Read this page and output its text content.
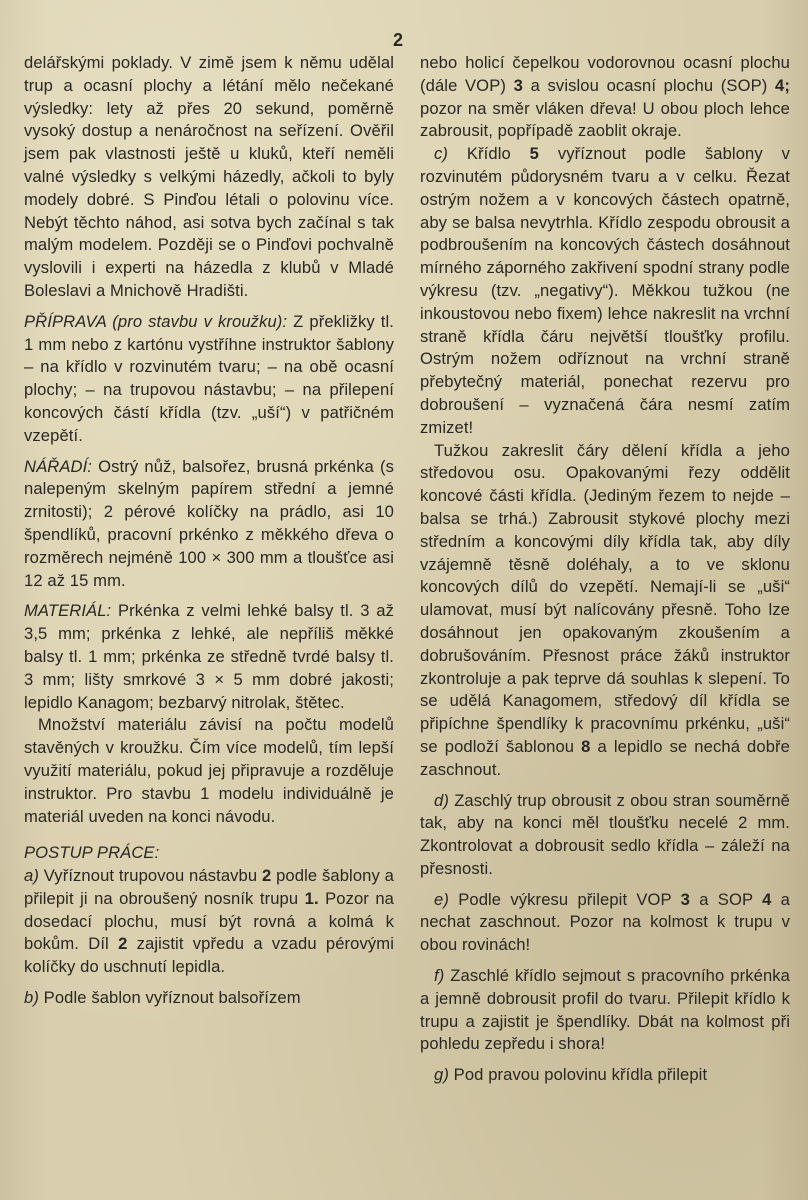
2

delářskými poklady. V zimě jsem k němu udělal trup a ocasní plochy a létání mělo nečekané výsledky: lety až přes 20 sekund, poměrně vysoký dostup a nenáročnost na seřízení. Ověřil jsem pak vlastnosti ještě u kluků, kteří neměli valné výsledky s velkými házedly, ačkoli to byly modely dobré. S Pinďou létali o polovinu více. Nebýt těchto náhod, asi sotva bych začínal s tak malým modelem. Později se o Pinďovi pochvalně vyslovili i experti na házedla z klubů v Mladé Boleslavi a Mnichově Hradišti.

PŘÍPRAVA (pro stavbu v kroužku): Z překližky tl. 1 mm nebo z kartónu vystříhne instruktor šablony – na křídlo v rozvinutém tvaru; – na obě ocasní plochy; – na trupovou nástavbu; – na přilepení koncových částí křídla (tzv. „uší“) v patřičném vzepětí.

NÁŘADÍ: Ostrý nůž, balsořez, brusná prkénka (s nalepeným skelným papírem střední a jemné zrnitosti); 2 pérové kolíčky na prádlo, asi 10 špendlíků, pracovní prkénko z měkkého dřeva o rozměrech nejméně 100 × 300 mm a tloušťce asi 12 až 15 mm.

MATERIÁL: Prkénka z velmi lehké balsy tl. 3 až 3,5 mm; prkénka z lehké, ale nepříliš měkké balsy tl. 1 mm; prkénka ze středně tvrdé balsy tl. 3 mm; lišty smrkové 3 × 5 mm dobré jakosti; lepidlo Kanagom; bezbarvý nitrolak, štětec.

Množství materiálu závisí na počtu modelů stavěných v kroužku. Čím více modelů, tím lepší využití materiálu, pokud jej připravuje a rozděluje instruktor. Pro stavbu 1 modelu individuálně je materiál uveden na konci návodu.

POSTUP PRÁCE:

a) Vyříznout trupovou nástavbu 2 podle šablony a přilepit ji na obroušený nosník trupu 1. Pozor na dosedací plochu, musí být rovná a kolmá k bokům. Díl 2 zajistit vpředu a vzadu pérovými kolíčky do uschnutí lepidla.

b) Podle šablon vyříznout balsořízem

nebo holicí čepelkou vodorovnou ocasní plochu (dále VOP) 3 a svislou ocasní plochu (SOP) 4; pozor na směr vláken dřeva! U obou ploch lehce zabrousit, popřípadě zaoblit okraje.

c) Křídlo 5 vyříznout podle šablony v rozvinutém půdorysném tvaru a v celku. Řezat ostrým nožem a v koncových částech opatrně, aby se balsa nevytrhla. Křídlo zespodu obrousit a podbroušením na koncových částech dosáhnout mírného záporného zakřivení spodní strany podle výkresu (tzv. „negativy“). Měkkou tužkou (ne inkoustovou nebo fixem) lehce nakreslit na vrchní straně křídla čáru největší tloušťky profilu. Ostrým nožem odříznout na vrchní straně přebytečný materiál, ponechat rezervu pro dobroušení – vyznačená čára nesmí zatím zmizet!

Tužkou zakreslit čáry dělení křídla a jeho středovou osu. Opakovanými řezy oddělit koncové části křídla. (Jediným řezem to nejde – balsa se trhá.) Zabrousit stykové plochy mezi středním a koncovými díly křídla tak, aby díly vzájemně těsně doléhaly, a to ve sklonu koncových dílů do vzepětí. Nemají-li se „uši“ ulamovat, musí být nalícovány přesně. Toho lze dosáhnout jen opakovaným zkoušením a dobrušováním. Přesnost práce žáků instruktor zkontroluje a pak teprve dá souhlas k slepení. To se udělá Kanagomem, středový díl křídla se připíchne špendlíky k pracovnímu prkénku, „uši“ se podloží šablonou 8 a lepidlo se nechá dobře zaschnout.

d) Zaschlý trup obrousit z obou stran souměrně tak, aby na konci měl tloušťku necelé 2 mm. Zkontrolovat a dobrousit sedlo křídla – záleží na přesnosti.

e) Podle výkresu přilepit VOP 3 a SOP 4 a nechat zaschnout. Pozor na kolmost k trupu v obou rovinách!

f) Zaschlé křídlo sejmout s pracovního prkénka a jemně dobrousit profil do tvaru. Přilepit křídlo k trupu a zajistit je špendlíky. Dbát na kolmost při pohledu zepředu i shora!

g) Pod pravou polovinu křídla přilepit
